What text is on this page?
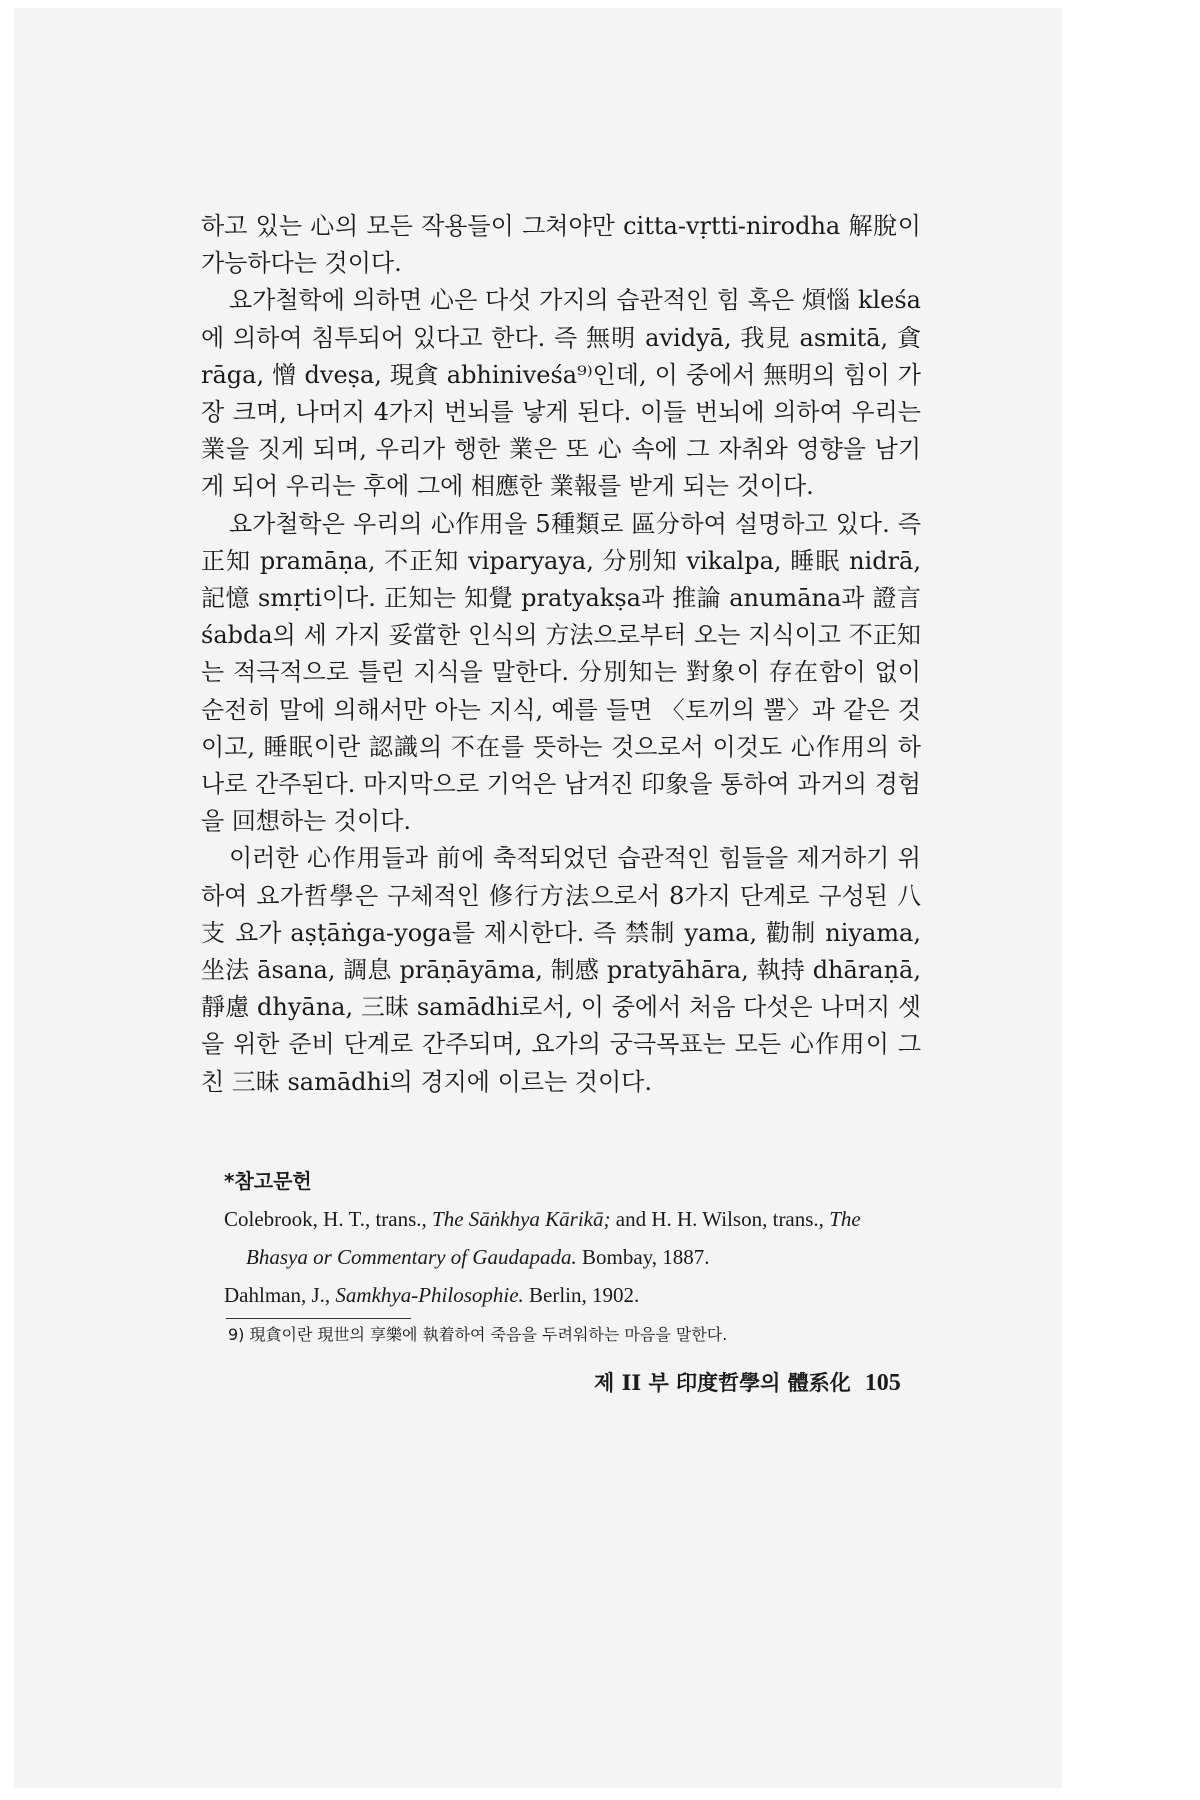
하고 있는 心의 모든 작용들이 그쳐야만 citta-vṛtti-nirodha 解脫이 가능하다는 것이다.

요가철학에 의하면 心은 다섯 가지의 습관적인 힘 혹은 煩惱 kleśa에 의하여 침투되어 있다고 한다. 즉 無明 avidyā, 我見 asmitā, 貪 rāga, 憎 dveṣa, 現貪 abhiniveśa⁹⁾인데, 이 중에서 無明의 힘이 가장 크며, 나머지 4가지 번뇌를 낳게 된다. 이들 번뇌에 의하여 우리는 業을 짓게 되며, 우리가 행한 業은 또 心 속에 그 자취와 영향을 남기게 되어 우리는 후에 그에 相應한 業報를 받게 되는 것이다.

요가철학은 우리의 心作用을 5種類로 區分하여 설명하고 있다. 즉 正知 pramāṇa, 不正知 viparyaya, 分別知 vikalpa, 睡眠 nidrā, 記憶 smṛti이다. 正知는 知覺 pratyakṣa과 推論 anumāna과 證言 śabda의 세 가지 妥當한 인식의 方法으로부터 오는 지식이고 不正知는 적극적으로 틀린 지식을 말한다. 分別知는 對象이 存在함이 없이 순전히 말에 의해서만 아는 지식, 예를 들면 〈토끼의 뿔〉과 같은 것이고, 睡眠이란 認識의 不在를 뜻하는 것으로서 이것도 心作用의 하나로 간주된다. 마지막으로 기억은 남겨진 印象을 통하여 과거의 경험을 回想하는 것이다.

이러한 心作用들과 前에 축적되었던 습관적인 힘들을 제거하기 위하여 요가哲學은 구체적인 修行方法으로서 8가지 단계로 구성된 八支 요가 aṣṭāṅga-yoga를 제시한다. 즉 禁制 yama, 勸制 niyama, 坐法 āsana, 調息 prāṇāyāma, 制感 pratyāhāra, 執持 dhāraṇā, 靜慮 dhyāna, 三昧 samādhi로서, 이 중에서 처음 다섯은 나머지 셋을 위한 준비 단계로 간주되며, 요가의 궁극목표는 모든 心作用이 그친 三昧 samādhi의 경지에 이르는 것이다.

*참고문헌
Colebrook, H. T., trans., The Sāṅkhya Kārikā; and H. H. Wilson, trans., The Bhasya or Commentary of Gaudapada. Bombay, 1887.
Dahlman, J., Samkhya-Philosophie. Berlin, 1902.
9) 現貪이란 現世의 享樂에 執着하여 죽음을 두려워하는 마음을 말한다.
제 II 부 印度哲學의 體系化 105
